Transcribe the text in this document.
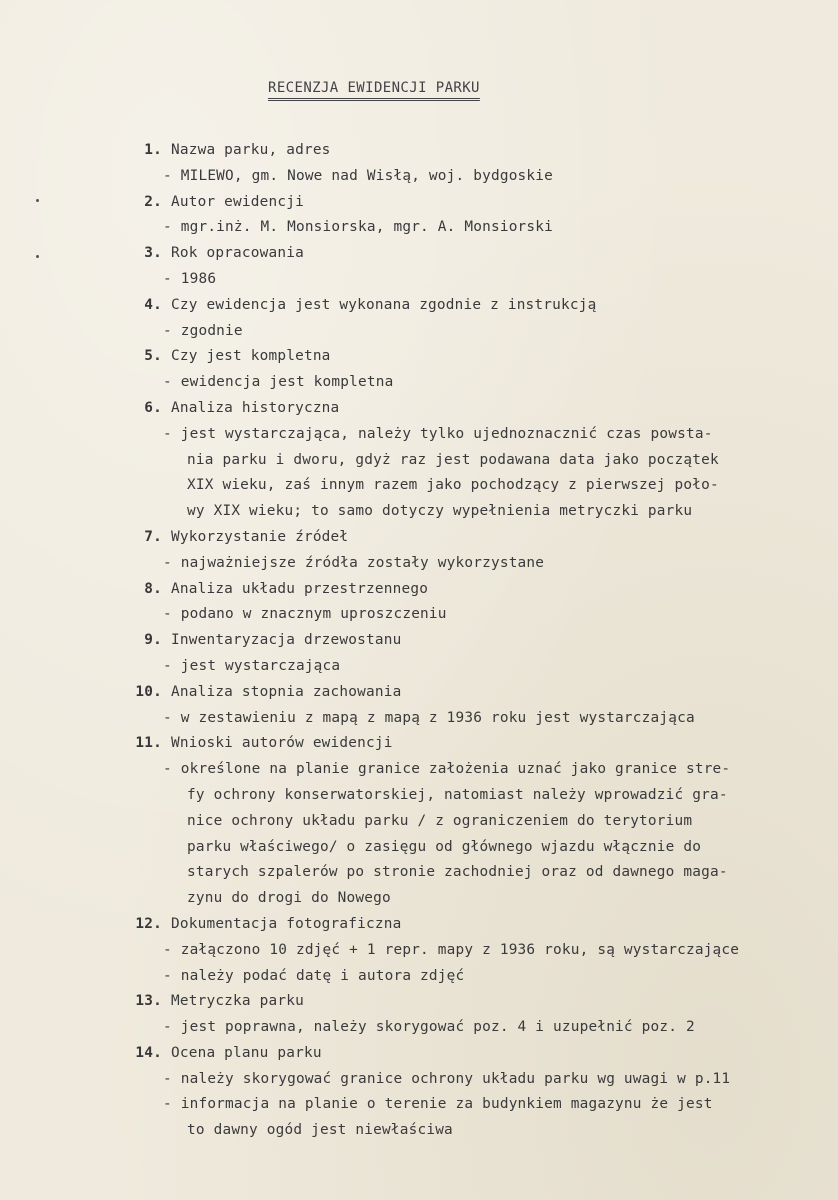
RECENZJA EWIDENCJI PARKU
1. Nazwa parku, adres
- MILEWO, gm. Nowe nad Wisłą, woj. bydgoskie
2. Autor ewidencji
- mgr.inż. M. Monsiorska, mgr. A. Monsiorski
3. Rok opracowania
- 1986
4. Czy ewidencja jest wykonana zgodnie z instrukcją
- zgodnie
5. Czy jest kompletna
- ewidencja jest kompletna
6. Analiza historyczna
- jest wystarczająca, należy tylko ujednoznacznić czas powsta-
nia parku i dworu, gdyż raz jest podawana data jako początek
XIX wieku, zaś innym razem jako pochodzący z pierwszej poło-
wy XIX wieku; to samo dotyczy wypełnienia metryczki parku
7. Wykorzystanie źródeł
- najważniejsze źródła zostały wykorzystane
8. Analiza układu przestrzennego
- podano w znacznym uproszczeniu
9. Inwentaryzacja drzewostanu
- jest wystarczająca
10. Analiza stopnia zachowania
- w zestawieniu z mapą z mapą z 1936 roku jest wystarczająca
11. Wnioski autorów ewidencji
- określone na planie granice założenia uznać jako granice stre-
fy ochrony konserwatorskiej, natomiast należy wprowadzić gra-
nice ochrony układu parku / z ograniczeniem do terytorium
parku właściwego/ o zasięgu od głównego wjazdu włącznie do
starych szpalerów po stronie zachodniej oraz od dawnego maga-
zynu do drogi do Nowego
12. Dokumentacja fotograficzna
- załączono 10 zdjęć + 1 repr. mapy z 1936 roku, są wystarczające
- należy podać datę i autora zdjęć
13. Metryczka parku
- jest poprawna, należy skorygować poz. 4 i uzupełnić poz. 2
14. Ocena planu parku
- należy skorygować granice ochrony układu parku wg uwagi w p.11
- informacja na planie o terenie za budynkiem magazynu że jest
to dawny ogód jest niewłaściwa
